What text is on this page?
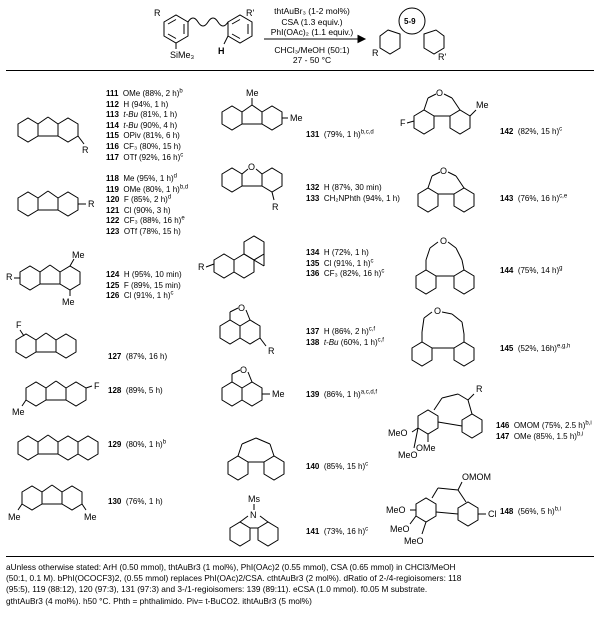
R	R'
SiMe₃	H
thtAuBr₃ (1-2 mol%)
CSA (1.3 equiv.)
PhI(OAc)₂ (1.1 equiv.)
CHCl₃/MeOH (50:1)
27 - 50 °C
5-9
R	R'
R
111 OMe (88%, 2 h)$^b$
112 H (94%, 1 h)
113 t-Bu (81%, 1 h)
114 t-Bu (90%, 4 h)
115 OPiv (81%, 6 h)
116 CF₃ (80%, 15 h)
117 OTf (92%, 16 h)$^c$
R
118 Me (95%, 1 h)$^d$
119 OMe (80%, 1 h)$^{b,d}$
120 F (85%, 2 h)$^d$
121 Cl (90%, 3 h)
122 CF₃ (88%, 16 h)$^e$
123 OTf (78%, 15 h)
R
Me
Me
124 H (95%, 10 min)
125 F (89%, 15 min)
126 Cl (91%, 1 h)$^c$
F
127 (87%, 16 h)
F
Me
128 (89%, 5 h)
129 (80%, 1 h)$^b$
Me	Me
130 (76%, 1 h)
Me
Me
131 (79%, 1 h)$^{b,c,d}$
O
R
132 H (87%, 30 min)
133 CH₂NPhth (94%, 1 h)
R
134 H (72%, 1 h)
135 Cl (91%, 1 h)$^c$
136 CF₃ (82%, 16 h)$^c$
O
R
137 H (86%, 2 h)$^{c,f}$
138 t-Bu (60%, 1 h)$^{c,f}$
O
Me	139 (86%, 1 h)$^{a,c,d,f}$
140 (85%, 15 h)$^c$
Ms
N
141 (73%, 16 h)$^c$
F
O
Me
142 (82%, 15 h)$^c$
O
143 (76%, 16 h)$^{c,e}$
O
144 (75%, 14 h)$^g$
O
145 (52%, 16h)$^{e,g,h}$
R
MeO
OMe
MeO
146 OMOM (75%, 2.5 h)$^{b,i}$
147 OMe (85%, 1.5 h)$^{b,i}$
OMOM
Cl
MeO
MeO
MeO
148 (56%, 5 h)$^{b,i}$
aUnless otherwise stated: ArH (0.50 mmol), thtAuBr3 (1 mol%), PhI(OAc)2 (0.55 mmol), CSA (0.65 mmol) in CHCl3/MeOH
(50:1, 0.1 M). bPhI(OCOCF3)2, (0.55 mmol) replaces PhI(OAc)2/CSA. cthtAuBr3 (2 mol%). dRatio of 2-/4-regioisomers: 118
(95:5), 119 (88:12), 120 (97:3), 131 (97:3) and 3-/1-regioisomers: 139 (89:11). eCSA (1.0 mmol). f0.05 M substrate.
gthtAuBr3 (4 mol%). h50 °C. Phth = phthalimido. Piv= t-BuCO2. ithtAuBr3 (5 mol%)
